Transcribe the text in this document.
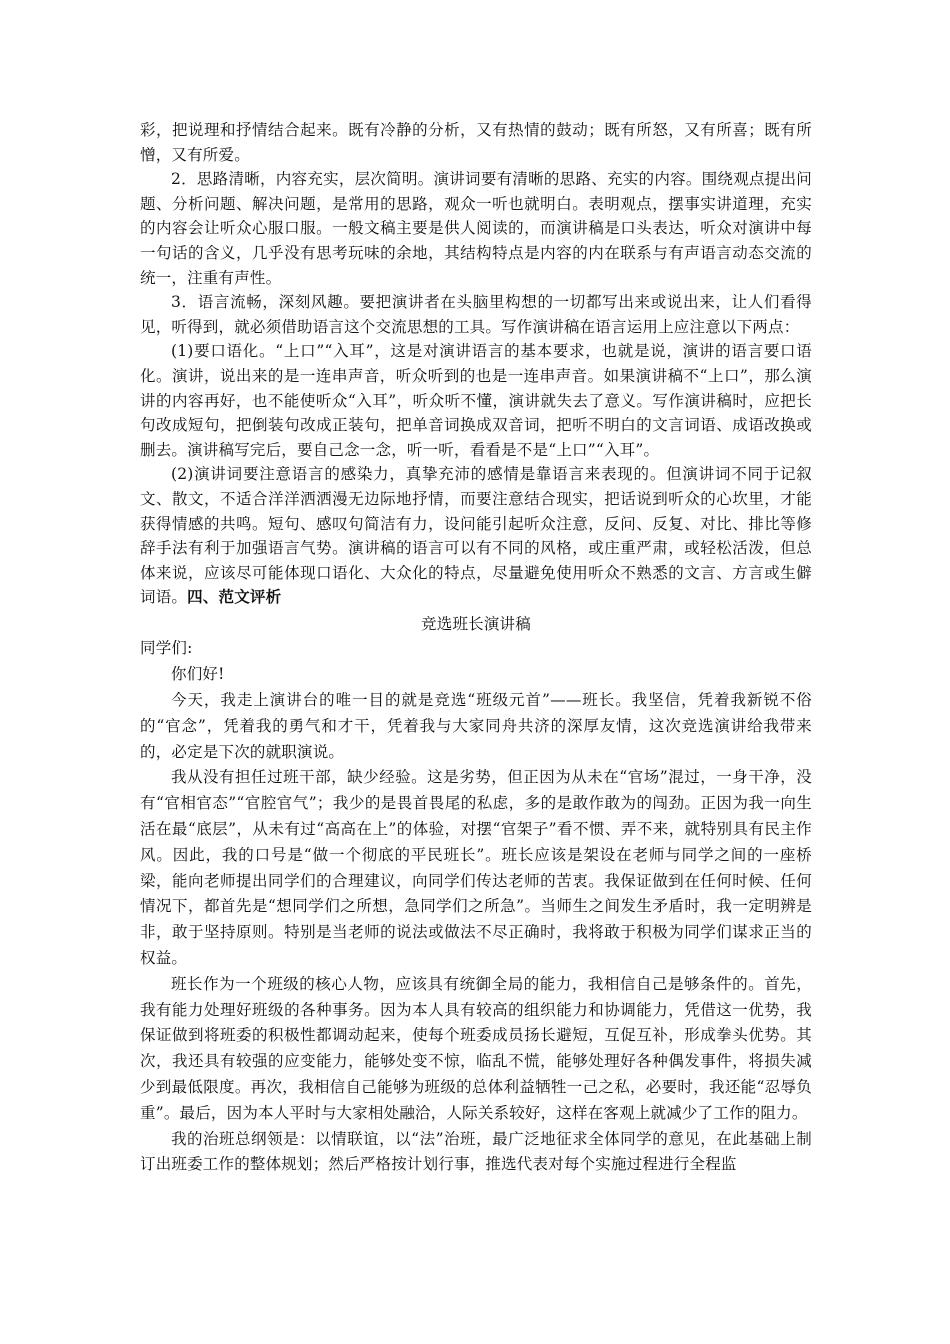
彩，把说理和抒情结合起来。既有冷静的分析，又有热情的鼓动；既有所怒，又有所喜；既有所憎，又有所爱。

2．思路清晰，内容充实，层次简明。演讲词要有清晰的思路、充实的内容。围绕观点提出问题、分析问题、解决问题，是常用的思路，观众一听也就明白。表明观点，摆事实讲道理，充实的内容会让听众心服口服。一般文稿主要是供人阅读的，而演讲稿是口头表达，听众对演讲中每一句话的含义，几乎没有思考玩味的余地，其结构特点是内容的内在联系与有声语言动态交流的统一，注重有声性。

3．语言流畅，深刻风趣。要把演讲者在头脑里构想的一切都写出来或说出来，让人们看得见，听得到，就必须借助语言这个交流思想的工具。写作演讲稿在语言运用上应注意以下两点：

(1)要口语化。“上口”“入耳”，这是对演讲语言的基本要求，也就是说，演讲的语言要口语化。演讲，说出来的是一连串声音，听众听到的也是一连串声音。如果演讲稿不“上口”，那么演讲的内容再好，也不能使听众“入耳”，听众听不懂，演讲就失去了意义。写作演讲稿时，应把长句改成短句，把倒装句改成正装句，把单音词换成双音词，把听不明白的文言词语、成语改换或删去。演讲稿写完后，要自己念一念，听一听，看看是不是“上口”“入耳”。

(2)演讲词要注意语言的感染力，真挚充沛的感情是靠语言来表现的。但演讲词不同于记叙文、散文，不适合洋洋洒洒漫无边际地抒情，而要注意结合现实，把话说到听众的心坎里，才能获得情感的共鸣。短句、感叹句简洁有力，设问能引起听众注意，反问、反复、对比、排比等修辞手法有利于加强语言气势。演讲稿的语言可以有不同的风格，或庄重严肃，或轻松活泼，但总体来说，应该尽可能体现口语化、大众化的特点，尽量避免使用听众不熟悉的文言、方言或生僻词语。四、范文评析

竞选班长演讲稿

同学们:

你们好!

今天，我走上演讲台的唯一目的就是竞选“班级元首”——班长。我坚信，凭着我新锐不俗的“官念”，凭着我的勇气和才干，凭着我与大家同舟共济的深厚友情，这次竞选演讲给我带来的，必定是下次的就职演说。

我从没有担任过班干部，缺少经验。这是劣势，但正因为从未在“官场”混过，一身干净，没有“官相官态”“官腔官气”；我少的是畏首畏尾的私虑，多的是敢作敢为的闯劲。正因为我一向生活在最“底层”，从未有过“高高在上”的体验，对摆“官架子”看不惯、弄不来，就特别具有民主作风。因此，我的口号是“做一个彻底的平民班长”。班长应该是架设在老师与同学之间的一座桥梁，能向老师提出同学们的合理建议，向同学们传达老师的苦衷。我保证做到在任何时候、任何情况下，都首先是“想同学们之所想，急同学们之所急”。当师生之间发生矛盾时，我一定明辨是非，敢于坚持原则。特别是当老师的说法或做法不尽正确时，我将敢于积极为同学们谋求正当的权益。

班长作为一个班级的核心人物，应该具有统御全局的能力，我相信自己是够条件的。首先，我有能力处理好班级的各种事务。因为本人具有较高的组织能力和协调能力，凭借这一优势，我保证做到将班委的积极性都调动起来，使每个班委成员扬长避短，互促互补，形成拳头优势。其次，我还具有较强的应变能力，能够处变不惊，临乱不慌，能够处理好各种偶发事件，将损失减少到最低限度。再次，我相信自己能够为班级的总体利益牺牲一己之私，必要时，我还能“忍辱负重”。最后，因为本人平时与大家相处融洽，人际关系较好，这样在客观上就减少了工作的阻力。

我的治班总纲领是：以情联谊，以“法”治班，最广泛地征求全体同学的意见，在此基础上制订出班委工作的整体规划；然后严格按计划行事，推选代表对每个实施过程进行全程监
